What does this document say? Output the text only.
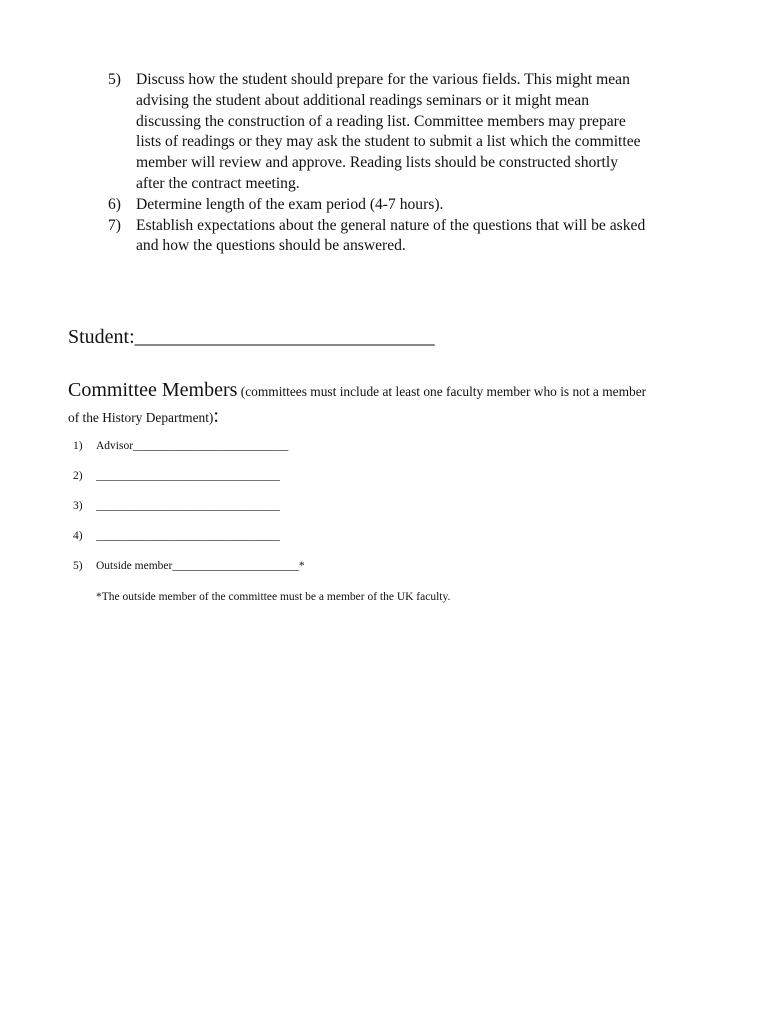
5) Discuss how the student should prepare for the various fields. This might mean
advising the student about additional readings seminars or it might mean
discussing the construction of a reading list. Committee members may prepare
lists of readings or they may ask the student to submit a list which the committee
member will review and approve. Reading lists should be constructed shortly
after the contract meeting.
6) Determine length of the exam period (4-7 hours).
7) Establish expectations about the general nature of the questions that will be asked
and how the questions should be answered.
Student:______________________________
Committee Members (committees must include at least one faculty member who is not a member
of the History Department):
1)	Advisor___________________________
2)	________________________________
3)	________________________________
4)	________________________________
5)	Outside member______________________*
*The outside member of the committee must be a member of the UK faculty.
